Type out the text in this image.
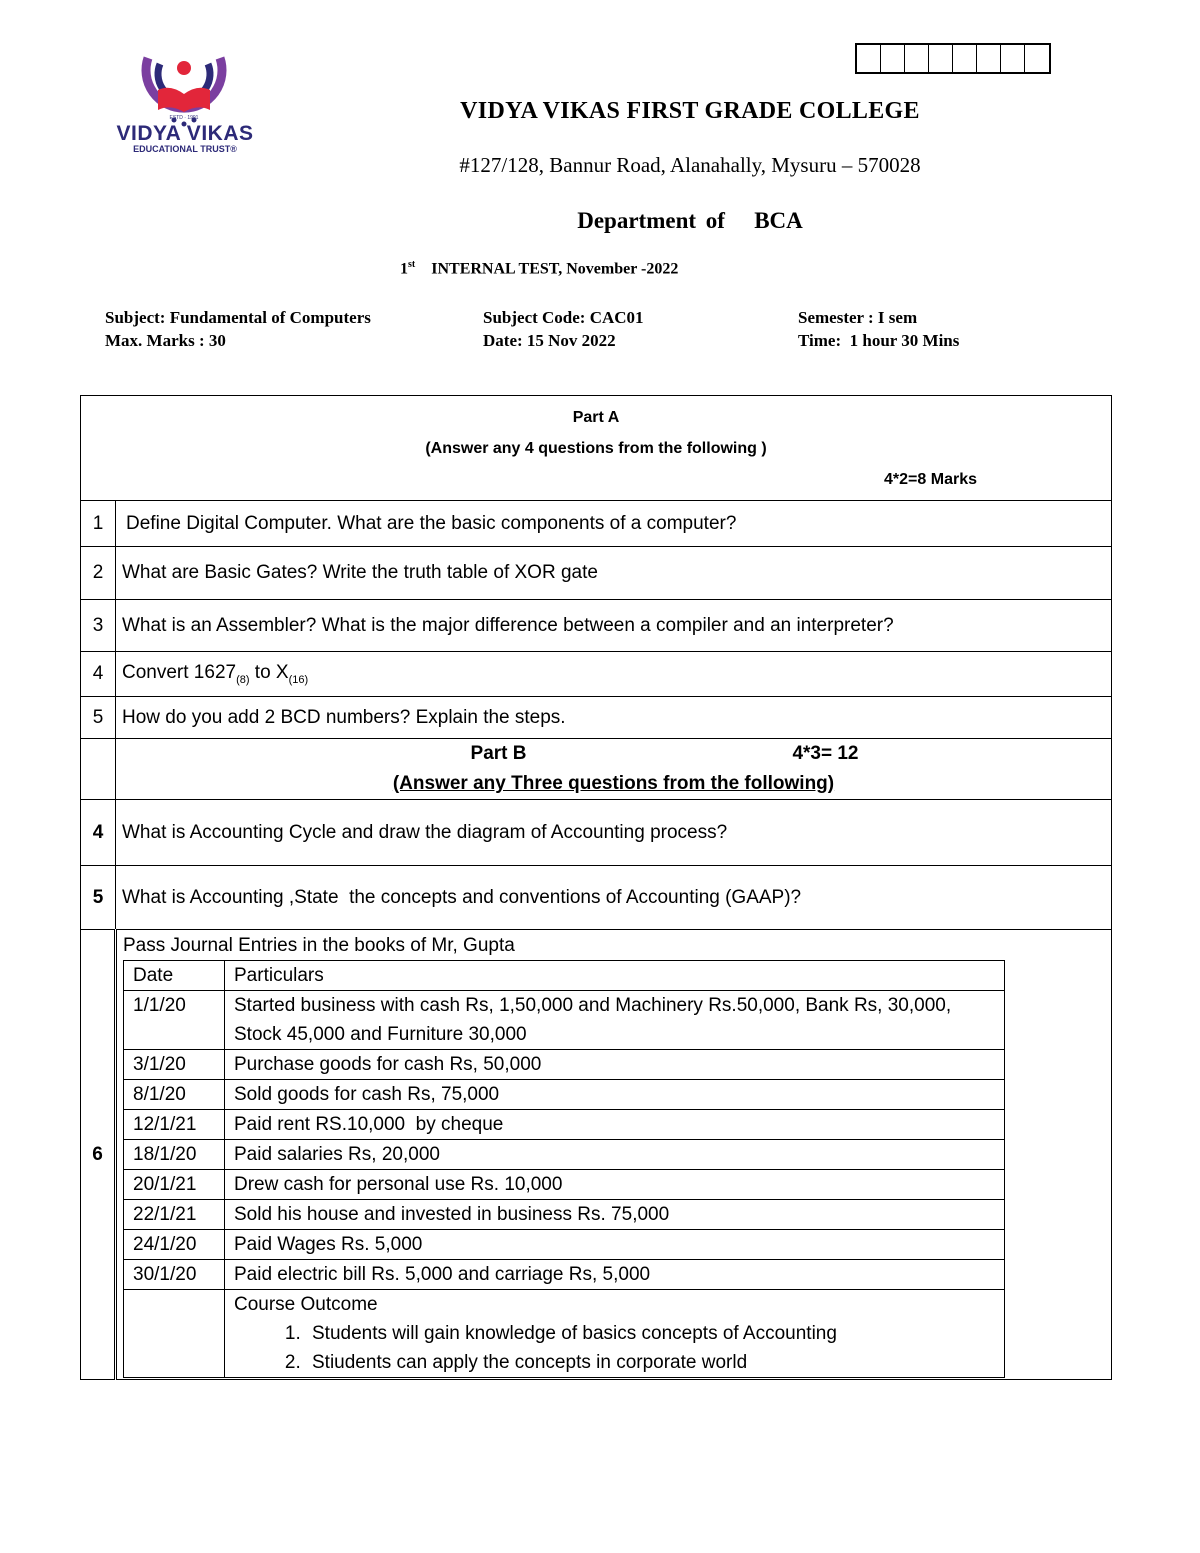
ESTD · 1991
VIDYA VIKAS
EDUCATIONAL TRUST®
VIDYA VIKAS FIRST GRADE COLLEGE
#127/128, Bannur Road, Alanahally, Mysuru – 570028
Department of   BCA
1st INTERNAL TEST, November -2022
Subject: Fundamental of Computers	Subject Code: CAC01	Semester : I sem
Max. Marks : 30	Date: 15 Nov 2022	Time:  1 hour 30 Mins
Part A
(Answer any 4 questions from the following )
4*2=8 Marks

1	Define Digital Computer. What are the basic components of a computer?
2	What are Basic Gates? Write the truth table of XOR gate
3	What is an Assembler? What is the major difference between a compiler and an interpreter?
4	Convert $1627_{(8)}$ to $X_{(16)}$
5	How do you add 2 BCD numbers? Explain the steps.

Part B	4*3= 12
(Answer any Three questions from the following)

4	What is Accounting Cycle and draw the diagram of Accounting process?
5	What is Accounting ,State  the concepts and conventions of Accounting (GAAP)?
6	
Pass Journal Entries in the books of Mr, Gupta
Date	Particulars
1/1/20	Started business with cash Rs, 1,50,000 and Machinery Rs.50,000, Bank Rs, 30,000, Stock 45,000 and Furniture 30,000
3/1/20	Purchase goods for cash Rs, 50,000
8/1/20	Sold goods for cash Rs, 75,000
12/1/21	Paid rent RS.10,000  by cheque
18/1/20	Paid salaries Rs, 20,000
20/1/21	Drew cash for personal use Rs. 10,000
22/1/21	Sold his house and invested in business Rs. 75,000
24/1/20	Paid Wages Rs. 5,000
30/1/20	Paid electric bill Rs. 5,000 and carriage Rs, 5,000

Course Outcome
1. Students will gain knowledge of basics concepts of Accounting
2. Stiudents can apply the concepts in corporate world
